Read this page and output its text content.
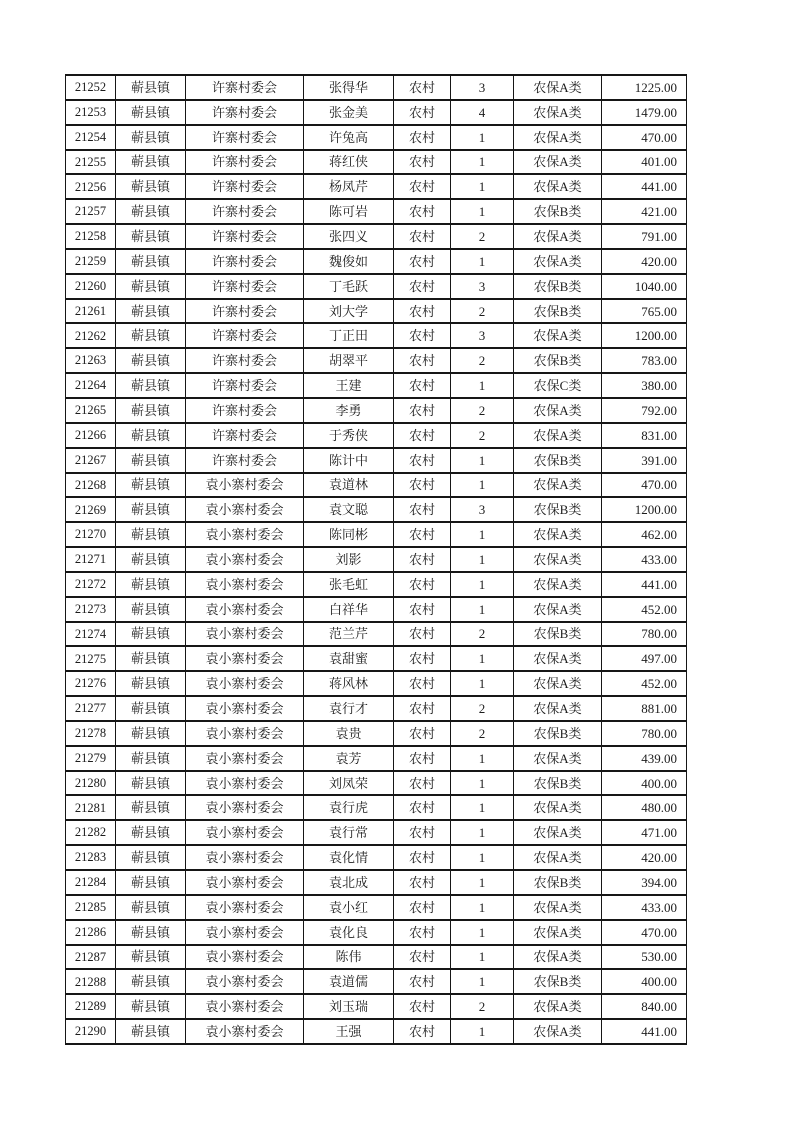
21252	蕲县镇	许寨村委会	张得华	农村	3	农保A类	1225.00
21253	蕲县镇	许寨村委会	张金美	农村	4	农保A类	1479.00
21254	蕲县镇	许寨村委会	许兔高	农村	1	农保A类	470.00
21255	蕲县镇	许寨村委会	蒋红侠	农村	1	农保A类	401.00
21256	蕲县镇	许寨村委会	杨凤芹	农村	1	农保A类	441.00
21257	蕲县镇	许寨村委会	陈可岩	农村	1	农保B类	421.00
21258	蕲县镇	许寨村委会	张四义	农村	2	农保A类	791.00
21259	蕲县镇	许寨村委会	魏俊如	农村	1	农保A类	420.00
21260	蕲县镇	许寨村委会	丁毛跃	农村	3	农保B类	1040.00
21261	蕲县镇	许寨村委会	刘大学	农村	2	农保B类	765.00
21262	蕲县镇	许寨村委会	丁正田	农村	3	农保A类	1200.00
21263	蕲县镇	许寨村委会	胡翠平	农村	2	农保B类	783.00
21264	蕲县镇	许寨村委会	王建	农村	1	农保C类	380.00
21265	蕲县镇	许寨村委会	李勇	农村	2	农保A类	792.00
21266	蕲县镇	许寨村委会	于秀侠	农村	2	农保A类	831.00
21267	蕲县镇	许寨村委会	陈计中	农村	1	农保B类	391.00
21268	蕲县镇	袁小寨村委会	袁道林	农村	1	农保A类	470.00
21269	蕲县镇	袁小寨村委会	袁文聪	农村	3	农保B类	1200.00
21270	蕲县镇	袁小寨村委会	陈同彬	农村	1	农保A类	462.00
21271	蕲县镇	袁小寨村委会	刘影	农村	1	农保A类	433.00
21272	蕲县镇	袁小寨村委会	张毛虹	农村	1	农保A类	441.00
21273	蕲县镇	袁小寨村委会	白祥华	农村	1	农保A类	452.00
21274	蕲县镇	袁小寨村委会	范兰芹	农村	2	农保B类	780.00
21275	蕲县镇	袁小寨村委会	袁甜蜜	农村	1	农保A类	497.00
21276	蕲县镇	袁小寨村委会	蒋风林	农村	1	农保A类	452.00
21277	蕲县镇	袁小寨村委会	袁行才	农村	2	农保A类	881.00
21278	蕲县镇	袁小寨村委会	袁贵	农村	2	农保B类	780.00
21279	蕲县镇	袁小寨村委会	袁芳	农村	1	农保A类	439.00
21280	蕲县镇	袁小寨村委会	刘凤荣	农村	1	农保B类	400.00
21281	蕲县镇	袁小寨村委会	袁行虎	农村	1	农保A类	480.00
21282	蕲县镇	袁小寨村委会	袁行常	农村	1	农保A类	471.00
21283	蕲县镇	袁小寨村委会	袁化情	农村	1	农保A类	420.00
21284	蕲县镇	袁小寨村委会	袁北成	农村	1	农保B类	394.00
21285	蕲县镇	袁小寨村委会	袁小红	农村	1	农保A类	433.00
21286	蕲县镇	袁小寨村委会	袁化良	农村	1	农保A类	470.00
21287	蕲县镇	袁小寨村委会	陈伟	农村	1	农保A类	530.00
21288	蕲县镇	袁小寨村委会	袁道儒	农村	1	农保B类	400.00
21289	蕲县镇	袁小寨村委会	刘玉瑞	农村	2	农保A类	840.00
21290	蕲县镇	袁小寨村委会	王强	农村	1	农保A类	441.00
